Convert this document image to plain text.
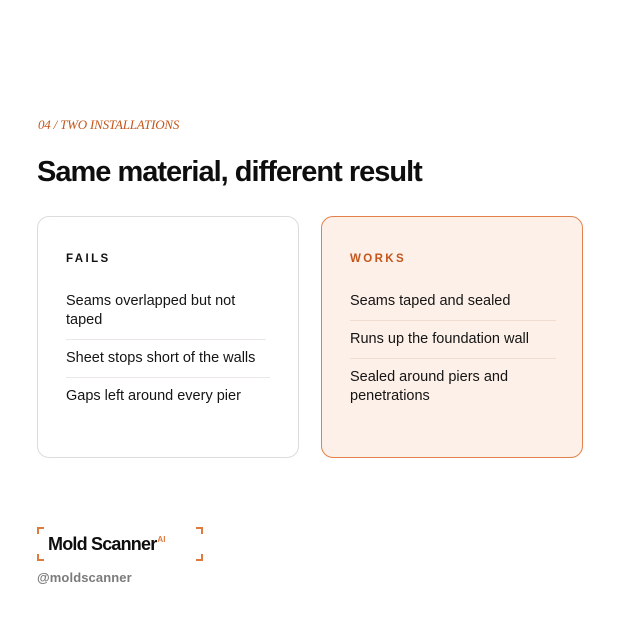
04 / TWO INSTALLATIONS
Same material, different result
FAILS
Seams overlapped but not taped
Sheet stops short of the walls
Gaps left around every pier
WORKS
Seams taped and sealed
Runs up the foundation wall
Sealed around piers and penetrations
Mold Scanner$^{AI}$
@moldscanner
